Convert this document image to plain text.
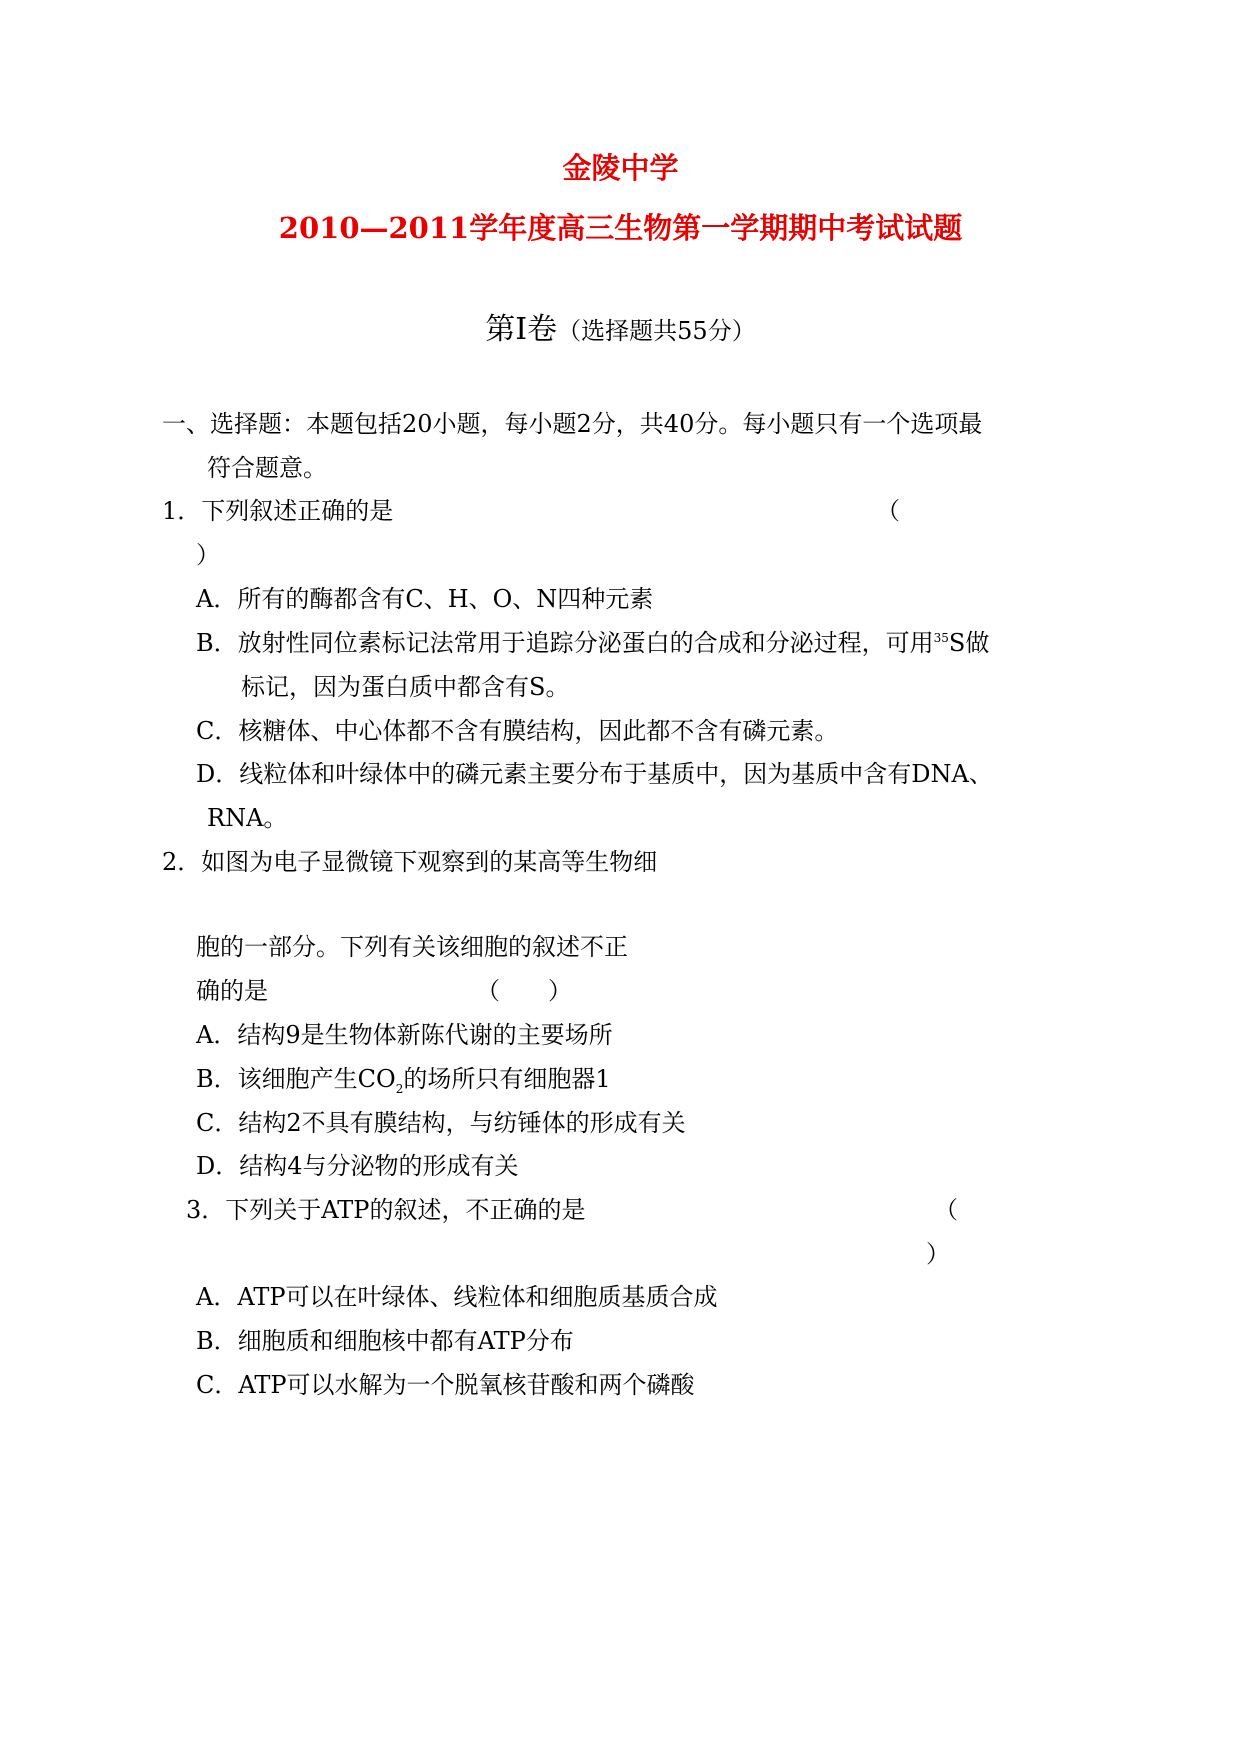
金陵中学
2010—2011学年度高三生物第一学期期中考试试题
第Ⅰ卷（选择题共55分）
一、选择题：本题包括20小题，每小题2分，共40分。每小题只有一个选项最
符合题意。
1．下列叙述正确的是	（
）
A．所有的酶都含有C、H、O、N四种元素
B．放射性同位素标记法常用于追踪分泌蛋白的合成和分泌过程，可用$^{35}$S做
标记，因为蛋白质中都含有S。
C．核糖体、中心体都不含有膜结构，因此都不含有磷元素。
D．线粒体和叶绿体中的磷元素主要分布于基质中，因为基质中含有DNA、
RNA。
2．如图为电子显微镜下观察到的某高等生物细
胞的一部分。下列有关该细胞的叙述不正
确的是	（　　）
A．结构9是生物体新陈代谢的主要场所
B．该细胞产生$CO_2$的场所只有细胞器1
C．结构2不具有膜结构，与纺锤体的形成有关
D．结构4与分泌物的形成有关
3．下列关于ATP的叙述，不正确的是	（
）
A．ATP可以在叶绿体、线粒体和细胞质基质合成
B．细胞质和细胞核中都有ATP分布
C．ATP可以水解为一个脱氧核苷酸和两个磷酸
